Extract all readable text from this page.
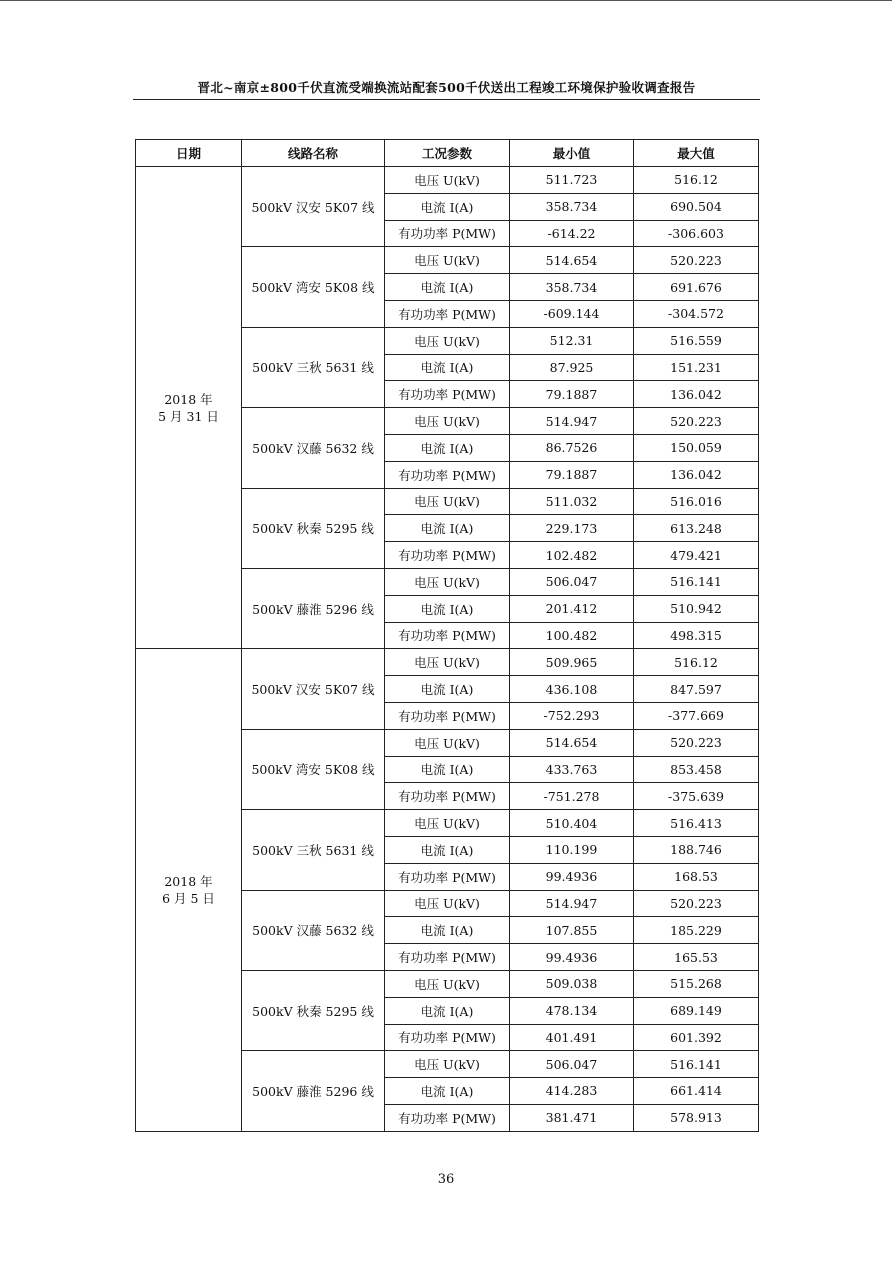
晋北~南京±800千伏直流受端换流站配套500千伏送出工程竣工环境保护验收调查报告
日期	线路名称	工况参数	最小值	最大值

2018 年
5 月 31 日	500kV 汉安 5K07 线	电压 U(kV)	511.723	516.12
		电流 I(A)	358.734	690.504
		有功功率 P(MW)	-614.22	-306.603
	500kV 湾安 5K08 线	电压 U(kV)	514.654	520.223
		电流 I(A)	358.734	691.676
		有功功率 P(MW)	-609.144	-304.572
	500kV 三秋 5631 线	电压 U(kV)	512.31	516.559
		电流 I(A)	87.925	151.231
		有功功率 P(MW)	79.1887	136.042
	500kV 汉藤 5632 线	电压 U(kV)	514.947	520.223
		电流 I(A)	86.7526	150.059
		有功功率 P(MW)	79.1887	136.042
	500kV 秋秦 5295 线	电压 U(kV)	511.032	516.016
		电流 I(A)	229.173	613.248
		有功功率 P(MW)	102.482	479.421
	500kV 藤淮 5296 线	电压 U(kV)	506.047	516.141
		电流 I(A)	201.412	510.942
		有功功率 P(MW)	100.482	498.315

2018 年
6 月 5 日	500kV 汉安 5K07 线	电压 U(kV)	509.965	516.12
		电流 I(A)	436.108	847.597
		有功功率 P(MW)	-752.293	-377.669
	500kV 湾安 5K08 线	电压 U(kV)	514.654	520.223
		电流 I(A)	433.763	853.458
		有功功率 P(MW)	-751.278	-375.639
	500kV 三秋 5631 线	电压 U(kV)	510.404	516.413
		电流 I(A)	110.199	188.746
		有功功率 P(MW)	99.4936	168.53
	500kV 汉藤 5632 线	电压 U(kV)	514.947	520.223
		电流 I(A)	107.855	185.229
		有功功率 P(MW)	99.4936	165.53
	500kV 秋秦 5295 线	电压 U(kV)	509.038	515.268
		电流 I(A)	478.134	689.149
		有功功率 P(MW)	401.491	601.392
	500kV 藤淮 5296 线	电压 U(kV)	506.047	516.141
		电流 I(A)	414.283	661.414
		有功功率 P(MW)	381.471	578.913
36
